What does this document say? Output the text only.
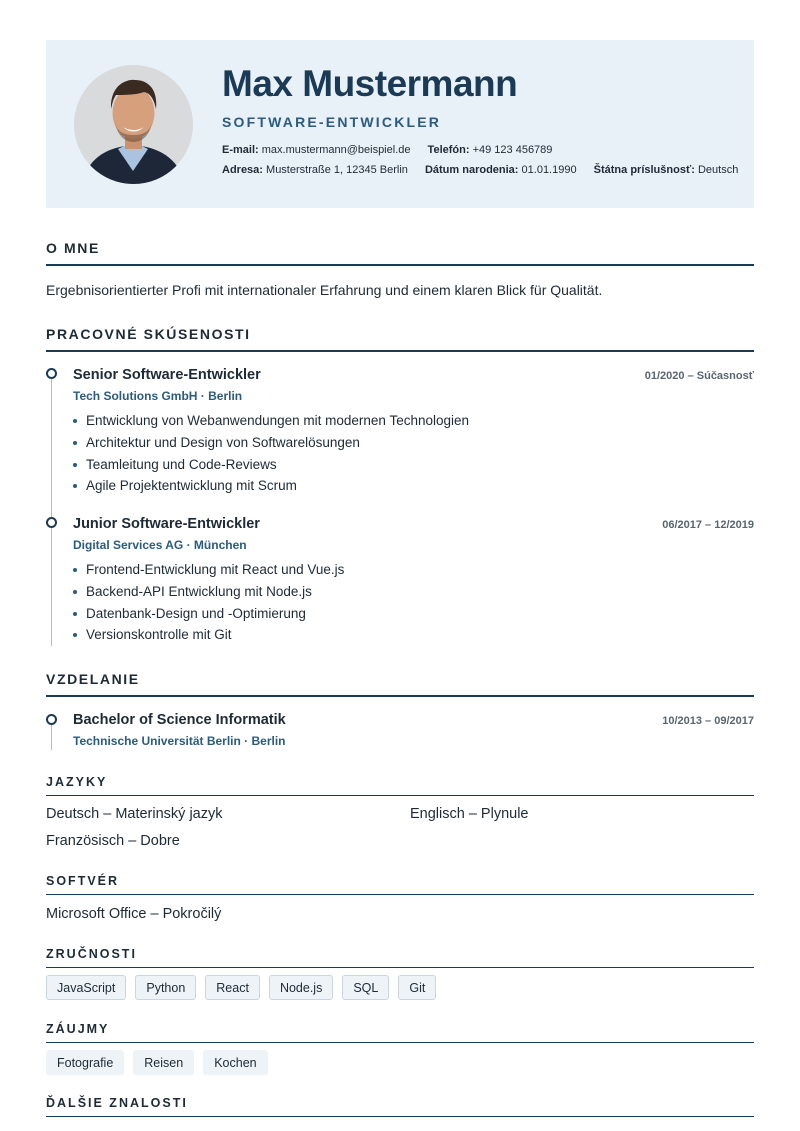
Max Mustermann
SOFTWARE-ENTWICKLER
E-mail: max.mustermann@beispiel.de Telefón: +49 123 456789
Adresa: Musterstraße 1, 12345 Berlin Dátum narodenia: 01.01.1990 Štátna príslušnosť: Deutsch
O MNE
Ergebnisorientierter Profi mit internationaler Erfahrung und einem klaren Blick für Qualität.
PRACOVNÉ SKÚSENOSTI
Senior Software-Entwickler	01/2020 – Súčasnosť
Tech Solutions GmbH · Berlin
Entwicklung von Webanwendungen mit modernen Technologien
Architektur und Design von Softwarelösungen
Teamleitung und Code-Reviews
Agile Projektentwicklung mit Scrum
Junior Software-Entwickler	06/2017 – 12/2019
Digital Services AG · München
Frontend-Entwicklung mit React und Vue.js
Backend-API Entwicklung mit Node.js
Datenbank-Design und -Optimierung
Versionskontrolle mit Git
VZDELANIE
Bachelor of Science Informatik	10/2013 – 09/2017
Technische Universität Berlin · Berlin
JAZYKY
Deutsch – Materinský jazyk	Englisch – Plynule
Französisch – Dobre
SOFTVÉR
Microsoft Office – Pokročilý
ZRUČNOSTI
JavaScript	Python	React	Node.js	SQL	Git
ZÁUJMY
Fotografie	Reisen	Kochen
ĎALŠIE ZNALOSTI
